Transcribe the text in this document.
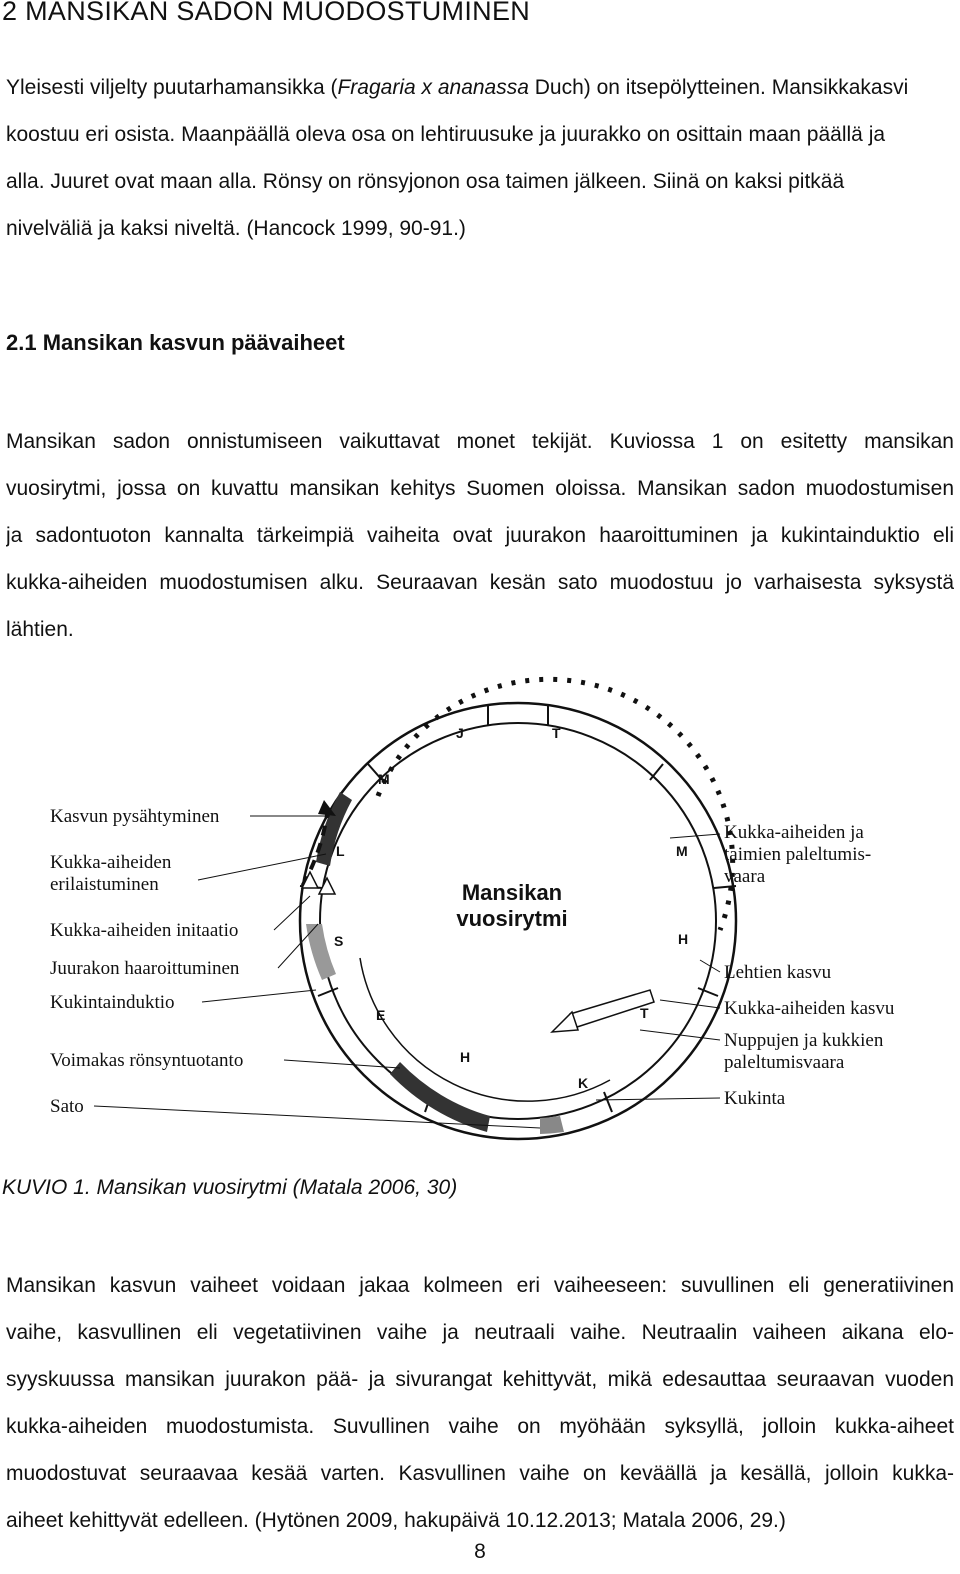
2 MANSIKAN SADON MUODOSTUMINEN
Yleisesti viljelty puutarhamansikka (Fragaria x ananassa Duch) on itsepölytteinen. Mansikkakasvi
koostuu eri osista. Maanpäällä oleva osa on lehtiruusuke ja juurakko on osittain maan päällä ja
alla. Juuret ovat maan alla. Rönsy on rönsyjonon osa taimen jälkeen. Siinä on kaksi pitkää
nivelväliä ja kaksi niveltä. (Hancock 1999, 90-91.)
2.1 Mansikan kasvun päävaiheet
Mansikan sadon onnistumiseen vaikuttavat monet tekijät. Kuviossa 1 on esitetty mansikan
vuosirytmi, jossa on kuvattu mansikan kehitys Suomen oloissa. Mansikan sadon muodostumisen
ja sadontuoton kannalta tärkeimpiä vaiheita ovat juurakon haaroittuminen ja kukintainduktio eli
kukka-aiheiden muodostumisen alku. Seuraavan kesän sato muodostuu jo varhaisesta syksystä
lähtien.
J	T
M
L
S
E
H
K
T
H
M
Mansikan
vuosirytmi
Kasvun pysähtyminen
Kukka-aiheiden
erilaistuminen
Kukka-aiheiden initaatio
Juurakon haaroittuminen
Kukintainduktio
Voimakas rönsyntuotanto
Sato
Kukka-aiheiden ja
taimien paleltumis-
vaara
Lehtien kasvu
Kukka-aiheiden kasvu
Nuppujen ja kukkien
paleltumisvaara
Kukinta
KUVIO 1. Mansikan vuosirytmi (Matala 2006, 30)
Mansikan kasvun vaiheet voidaan jakaa kolmeen eri vaiheeseen: suvullinen eli generatiivinen
vaihe, kasvullinen eli vegetatiivinen vaihe ja neutraali vaihe. Neutraalin vaiheen aikana elo-
syyskuussa mansikan juurakon pää- ja sivurangat kehittyvät, mikä edesauttaa seuraavan vuoden
kukka-aiheiden muodostumista. Suvullinen vaihe on myöhään syksyllä, jolloin kukka-aiheet
muodostuvat seuraavaa kesää varten. Kasvullinen vaihe on keväällä ja kesällä, jolloin kukka-
aiheet kehittyvät edelleen. (Hytönen 2009, hakupäivä 10.12.2013; Matala 2006, 29.)
8
